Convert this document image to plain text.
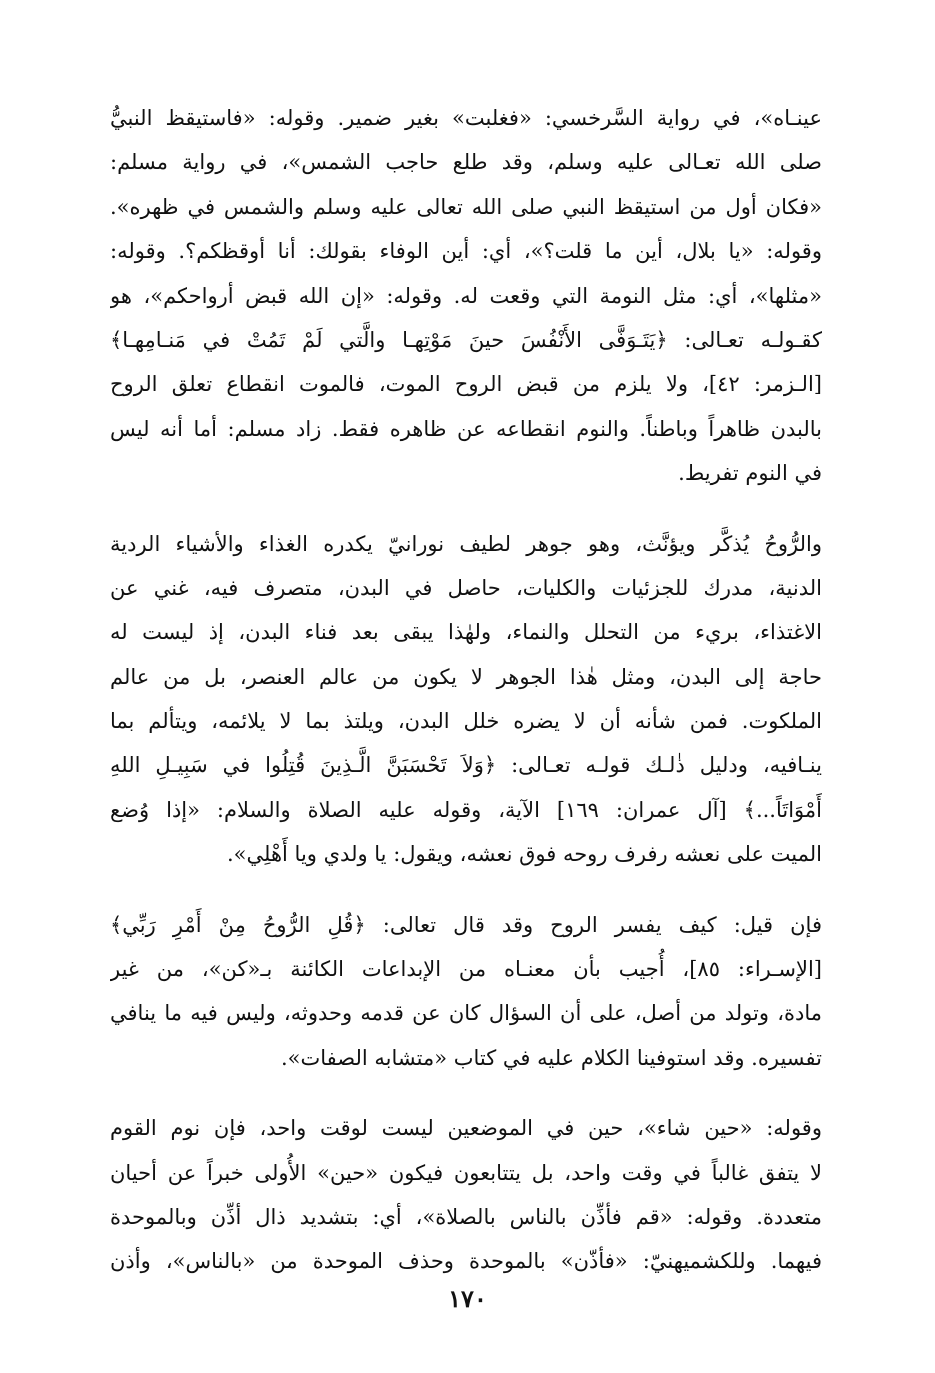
عينـاه»، في رواية السَّرخسي: «فغلبت» بغير ضمير. وقوله: «فاستيقظ النبيُّ
صلى الله تعـالى عليه وسلم، وقد طلع حاجب الشمس»، في رواية مسلم:
«فكان أول من استيقظ النبي صلى الله تعالى عليه وسلم والشمس في ظهره».
وقوله: «يا بلال، أين ما قلت؟»، أي: أين الوفاء بقولك: أنا أوقظكم؟. وقوله:
«مثلها»، أي: مثل النومة التي وقعت له. وقوله: «إن الله قبض أرواحكم»، هو
كقـولـه تعـالى: ﴿يَتَـوَفَّى الأَنْفُسَ حينَ مَوْتِهـا والَّتي لَمْ تَمُتْ في مَنـامِهـا﴾
[الـزمر: ٤٢]، ولا يلزم من قبض الروح الموت، فالموت انقطاع تعلق الروح
بالبدن ظاهراً وباطناً. والنوم انقطاعه عن ظاهره فقط. زاد مسلم: أما أنه ليس
في النوم تفريط.
والرُّوحُ يُذكَّر ويؤنَّث، وهو جوهر لطيف نورانيّ يكدره الغذاء والأشياء الردية
الدنية، مدرك للجزئيات والكليات، حاصل في البدن، متصرف فيه، غني عن
الاغتذاء، بريء من التحلل والنماء، ولهٰذا يبقى بعد فناء البدن، إذ ليست له
حاجة إلى البدن، ومثل هٰذا الجوهر لا يكون من عالم العنصر، بل من عالم
الملكوت. فمن شأنه أن لا يضره خلل البدن، ويلتذ بما لا يلائمه، ويتألم بما
ينـافيه، ودليل ذٰلـك قولـه تعـالى: ﴿وَلاَ تَحْسَبَنَّ الَّـذِينَ قُتِلُوا في سَبِيـلِ اللهِ
أَمْوَاتَاً...﴾ [آل عمران: ١٦٩] الآية، وقوله عليه الصلاة والسلام: «إذا وُضع
الميت على نعشه رفرف روحه فوق نعشه، ويقول: يا ولدي ويا أَهْلِي».
فإن قيل: كيف يفسر الروح وقد قال تعالى: ﴿قُلِ الرُّوحُ مِنْ أَمْرِ رَبِّي﴾
[الإسـراء: ٨٥]، أُجيب بأن معنـاه من الإبداعات الكائنة بـ«كن»، من غير
مادة، وتولد من أصل، على أن السؤال كان عن قدمه وحدوثه، وليس فيه ما ينافي
تفسيره. وقد استوفينا الكلام عليه في كتاب «متشابه الصفات».
وقوله: «حين شاء»، حين في الموضعين ليست لوقت واحد، فإن نوم القوم
لا يتفق غالباً في وقت واحد، بل يتتابعون فيكون «حين» الأُولى خبراً عن أحيان
متعددة. وقوله: «قم فأذِّن بالناس بالصلاة»، أي: بتشديد ذال أذِّن وبالموحدة
فيهما. وللكشميهنيّ: «فأذّن» بالموحدة وحذف الموحدة من «بالناس»، وأذن
١٧٠
